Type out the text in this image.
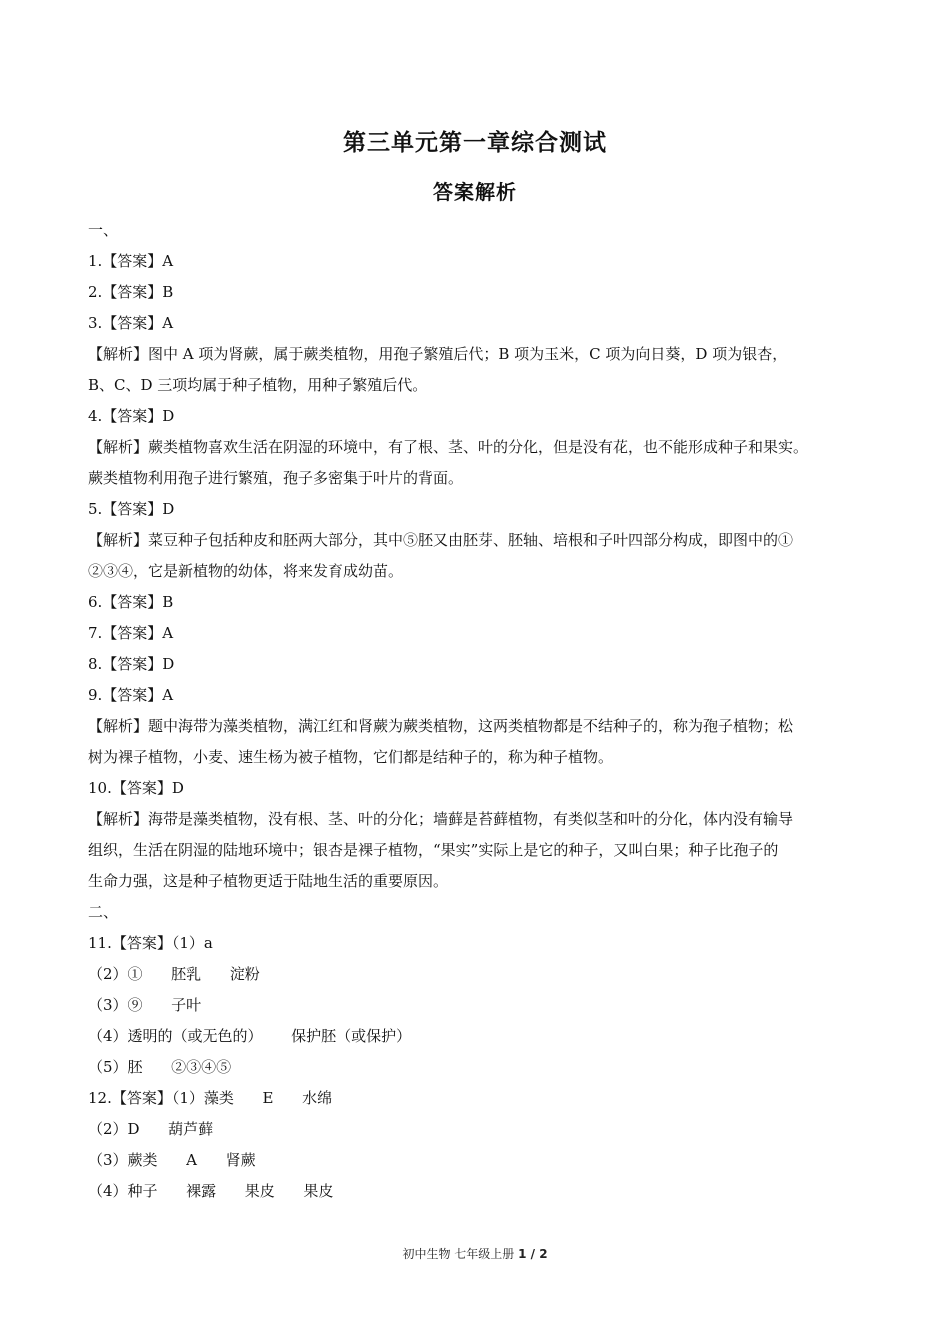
第三单元第一章综合测试
答案解析
一、
1.【答案】A
2.【答案】B
3.【答案】A
【解析】图中 A 项为肾蕨，属于蕨类植物，用孢子繁殖后代；B 项为玉米，C 项为向日葵，D 项为银杏，
B、C、D 三项均属于种子植物，用种子繁殖后代。
4.【答案】D
【解析】蕨类植物喜欢生活在阴湿的环境中，有了根、茎、叶的分化，但是没有花，也不能形成种子和果实。
蕨类植物利用孢子进行繁殖，孢子多密集于叶片的背面。
5.【答案】D
【解析】菜豆种子包括种皮和胚两大部分，其中⑤胚又由胚芽、胚轴、培根和子叶四部分构成，即图中的①
②③④，它是新植物的幼体，将来发育成幼苗。
6.【答案】B
7.【答案】A
8.【答案】D
9.【答案】A
【解析】题中海带为藻类植物，满江红和肾蕨为蕨类植物，这两类植物都是不结种子的，称为孢子植物；松
树为裸子植物，小麦、速生杨为被子植物，它们都是结种子的，称为种子植物。
10.【答案】D
【解析】海带是藻类植物，没有根、茎、叶的分化；墙藓是苔藓植物，有类似茎和叶的分化，体内没有输导
组织，生活在阴湿的陆地环境中；银杏是裸子植物，“果实”实际上是它的种子，又叫白果；种子比孢子的
生命力强，这是种子植物更适于陆地生活的重要原因。
二、
11.【答案】（1）a
（2）①      胚乳      淀粉
（3）⑨      子叶
（4）透明的（或无色的）      保护胚（或保护）
（5）胚      ②③④⑤
12.【答案】（1）藻类      E      水绵
（2）D      葫芦藓
（3）蕨类      A      肾蕨
（4）种子      裸露      果皮      果皮
初中生物 七年级上册 1 / 2
